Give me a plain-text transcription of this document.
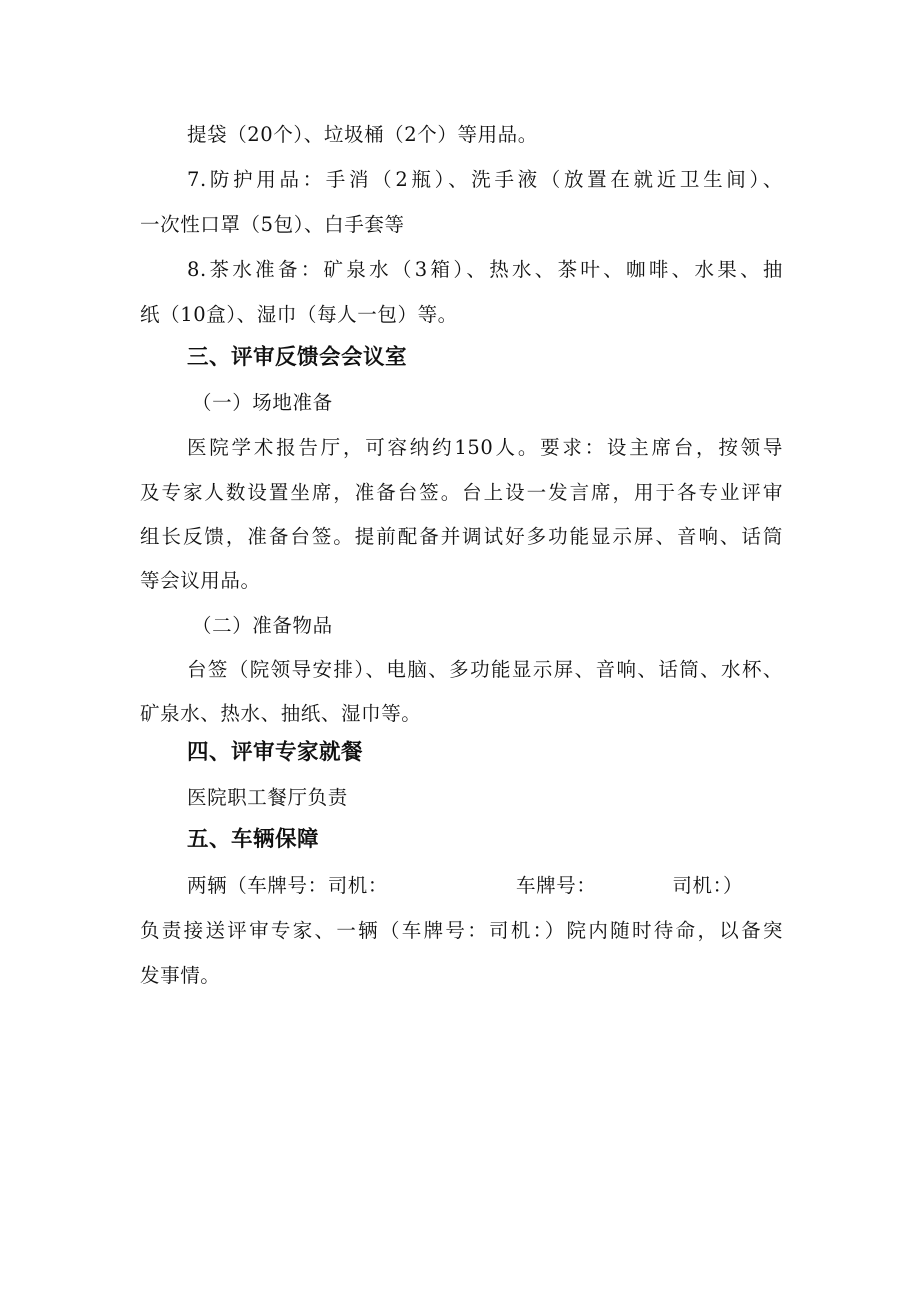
提袋（20个）、垃圾桶（2个）等用品。
7.防护用品：手消（2瓶）、洗手液（放置在就近卫生间）、
一次性口罩（5包）、白手套等
8.茶水准备：矿泉水（3箱）、热水、茶叶、咖啡、水果、抽
纸（10盒）、湿巾（每人一包）等。
三、评审反馈会会议室
（一）场地准备
医院学术报告厅，可容纳约150人。要求：设主席台，按领导
及专家人数设置坐席，准备台签。台上设一发言席，用于各专业评审
组长反馈，准备台签。提前配备并调试好多功能显示屏、音响、话筒
等会议用品。
（二）准备物品
台签（院领导安排）、电脑、多功能显示屏、音响、话筒、水杯、
矿泉水、热水、抽纸、湿巾等。
四、评审专家就餐
医院职工餐厅负责
五、车辆保障
两辆（车牌号：司机：	车牌号：	司机：）
负责接送评审专家、一辆（车牌号：司机：）院内随时待命，以备突
发事情。
